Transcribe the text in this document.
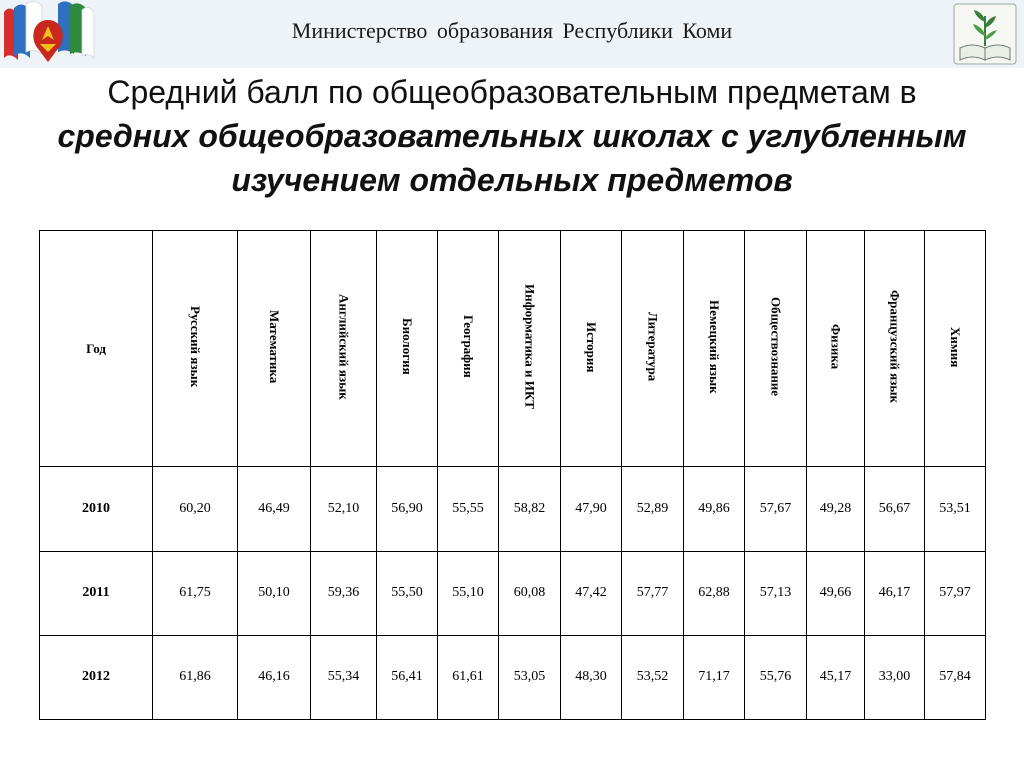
Министерство образования Республики Коми
Средний балл по общеобразовательным предметам в
средних общеобразовательных школах с углубленным
изучением отдельных предметов
Год	Русский язык	Математика	Английский язык	Биология	География	Информатика и ИКТ	История	Литература	Немецкий язык	Обществознание	Физика	Французский язык	Химия
2010	60,20	46,49	52,10	56,90	55,55	58,82	47,90	52,89	49,86	57,67	49,28	56,67	53,51
2011	61,75	50,10	59,36	55,50	55,10	60,08	47,42	57,77	62,88	57,13	49,66	46,17	57,97
2012	61,86	46,16	55,34	56,41	61,61	53,05	48,30	53,52	71,17	55,76	45,17	33,00	57,84
